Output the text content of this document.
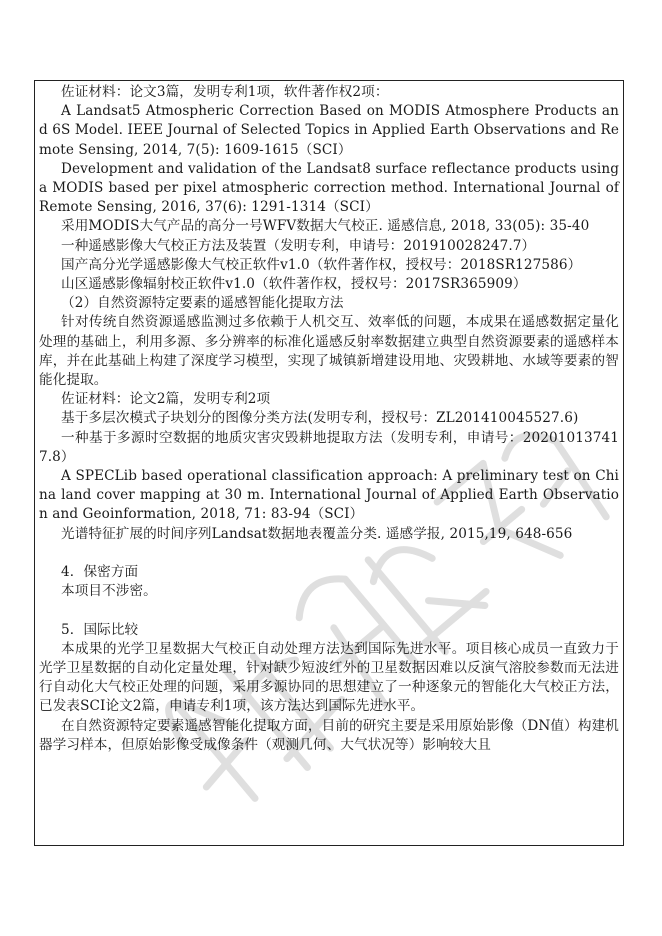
佐证材料：论文3篇，发明专利1项，软件著作权2项：

A Landsat5 Atmospheric Correction Based on MODIS Atmosphere Products and 6S Model. IEEE Journal of Selected Topics in Applied Earth Observations and Remote Sensing, 2014, 7(5): 1609-1615（SCI）

Development and validation of the Landsat8 surface reflectance products using a MODIS based per pixel atmospheric correction method. International Journal of Remote Sensing, 2016, 37(6): 1291-1314（SCI）

采用MODIS大气产品的高分一号WFV数据大气校正. 遥感信息, 2018, 33(05): 35-40

一种遥感影像大气校正方法及装置（发明专利，申请号：201910028247.7）

国产高分光学遥感影像大气校正软件v1.0（软件著作权，授权号：2018SR127586）

山区遥感影像辐射校正软件v1.0（软件著作权，授权号：2017SR365909）

（2）自然资源特定要素的遥感智能化提取方法

针对传统自然资源遥感监测过多依赖于人机交互、效率低的问题，本成果在遥感数据定量化处理的基础上，利用多源、多分辨率的标准化遥感反射率数据建立典型自然资源要素的遥感样本库，并在此基础上构建了深度学习模型，实现了城镇新增建设用地、灾毁耕地、水域等要素的智能化提取。

佐证材料：论文2篇，发明专利2项

基于多层次模式子块划分的图像分类方法(发明专利，授权号：ZL201410045527.6)

一种基于多源时空数据的地质灾害灾毁耕地提取方法（发明专利，申请号：202010137417.8）

A SPECLib based operational classification approach: A preliminary test on China land cover mapping at 30 m. International Journal of Applied Earth Observation and Geoinformation, 2018, 71: 83-94（SCI）

光谱特征扩展的时间序列Landsat数据地表覆盖分类. 遥感学报, 2015,19, 648-656

4．保密方面

本项目不涉密。

5．国际比较

本成果的光学卫星数据大气校正自动处理方法达到国际先进水平。项目核心成员一直致力于光学卫星数据的自动化定量处理，针对缺少短波红外的卫星数据因难以反演气溶胶参数而无法进行自动化大气校正处理的问题，采用多源协同的思想建立了一种逐象元的智能化大气校正方法，已发表SCI论文2篇，申请专利1项，该方法达到国际先进水平。

在自然资源特定要素遥感智能化提取方面，目前的研究主要是采用原始影像（DN值）构建机器学习样本，但原始影像受成像条件（观测几何、大气状况等）影响较大且
